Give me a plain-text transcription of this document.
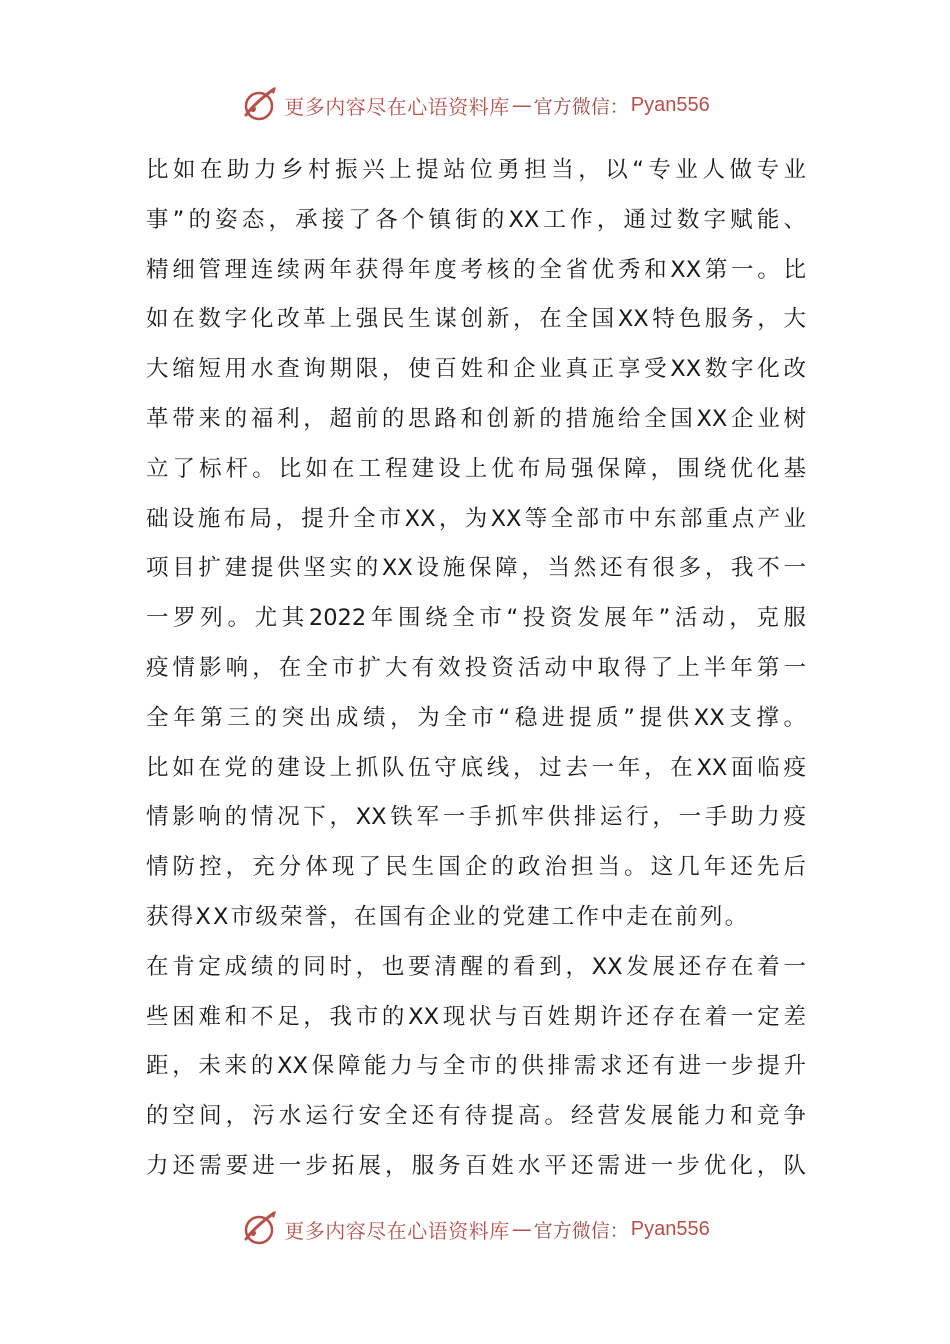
更多内容尽在心语资料库 — 官方微信： Pyan556
比如在助力乡村振兴上提站位勇担当，以“专业人做专业
事”的姿态，承接了各个镇街的XX工作，通过数字赋能、
精细管理连续两年获得年度考核的全省优秀和XX第一。比
如在数字化改革上强民生谋创新，在全国XX特色服务，大
大缩短用水查询期限，使百姓和企业真正享受XX数字化改
革带来的福利，超前的思路和创新的措施给全国XX企业树
立了标杆。比如在工程建设上优布局强保障，围绕优化基
础设施布局，提升全市XX，为XX等全部市中东部重点产业
项目扩建提供坚实的XX设施保障，当然还有很多，我不一
一罗列。尤其2022年围绕全市“投资发展年”活动，克服
疫情影响，在全市扩大有效投资活动中取得了上半年第一
全年第三的突出成绩，为全市“稳进提质”提供XX支撑。
比如在党的建设上抓队伍守底线，过去一年，在XX面临疫
情影响的情况下，XX铁军一手抓牢供排运行，一手助力疫
情防控，充分体现了民生国企的政治担当。这几年还先后
获得XX市级荣誉，在国有企业的党建工作中走在前列。
在肯定成绩的同时，也要清醒的看到，XX发展还存在着一
些困难和不足，我市的XX现状与百姓期许还存在着一定差
距，未来的XX保障能力与全市的供排需求还有进一步提升
的空间，污水运行安全还有待提高。经营发展能力和竞争
力还需要进一步拓展，服务百姓水平还需进一步优化，队
更多内容尽在心语资料库 — 官方微信： Pyan556
